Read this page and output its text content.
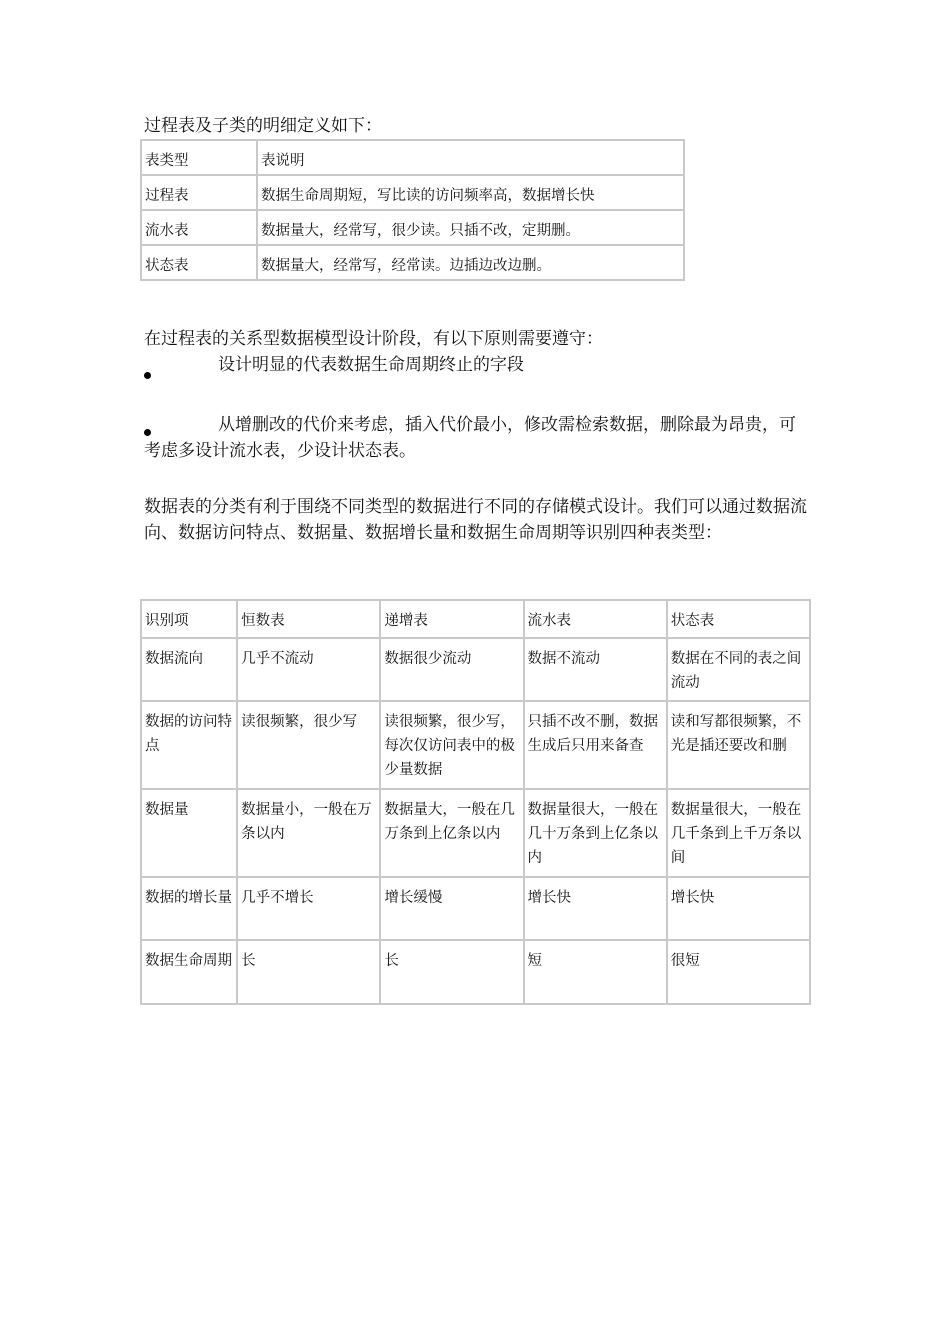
过程表及子类的明细定义如下：

表类型	表说明
过程表	数据生命周期短，写比读的访问频率高，数据增长快
流水表	数据量大，经常写，很少读。只插不改，定期删。
状态表	数据量大，经常写，经常读。边插边改边删。

在过程表的关系型数据模型设计阶段，有以下原则需要遵守：

设计明显的代表数据生命周期终止的字段
从增删改的代价来考虑，插入代价最小，修改需检索数据，删除最为昂贵，可考虑多设计流水表，少设计状态表。

数据表的分类有利于围绕不同类型的数据进行不同的存储模式设计。我们可以通过数据流向、数据访问特点、数据量、数据增长量和数据生命周期等识别四种表类型：

识别项	恒数表	递增表	流水表	状态表
数据流向	几乎不流动	数据很少流动	数据不流动	数据在不同的表之间流动
数据的访问特点	读很频繁，很少写	读很频繁，很少写，每次仅访问表中的极少量数据	只插不改不删，数据生成后只用来备查	读和写都很频繁，不光是插还要改和删
数据量	数据量小，一般在万条以内	数据量大，一般在几万条到上亿条以内	数据量很大，一般在几十万条到上亿条以内	数据量很大，一般在几千条到上千万条以间
数据的增长量	几乎不增长	增长缓慢	增长快	增长快
数据生命周期	长	长	短	很短
